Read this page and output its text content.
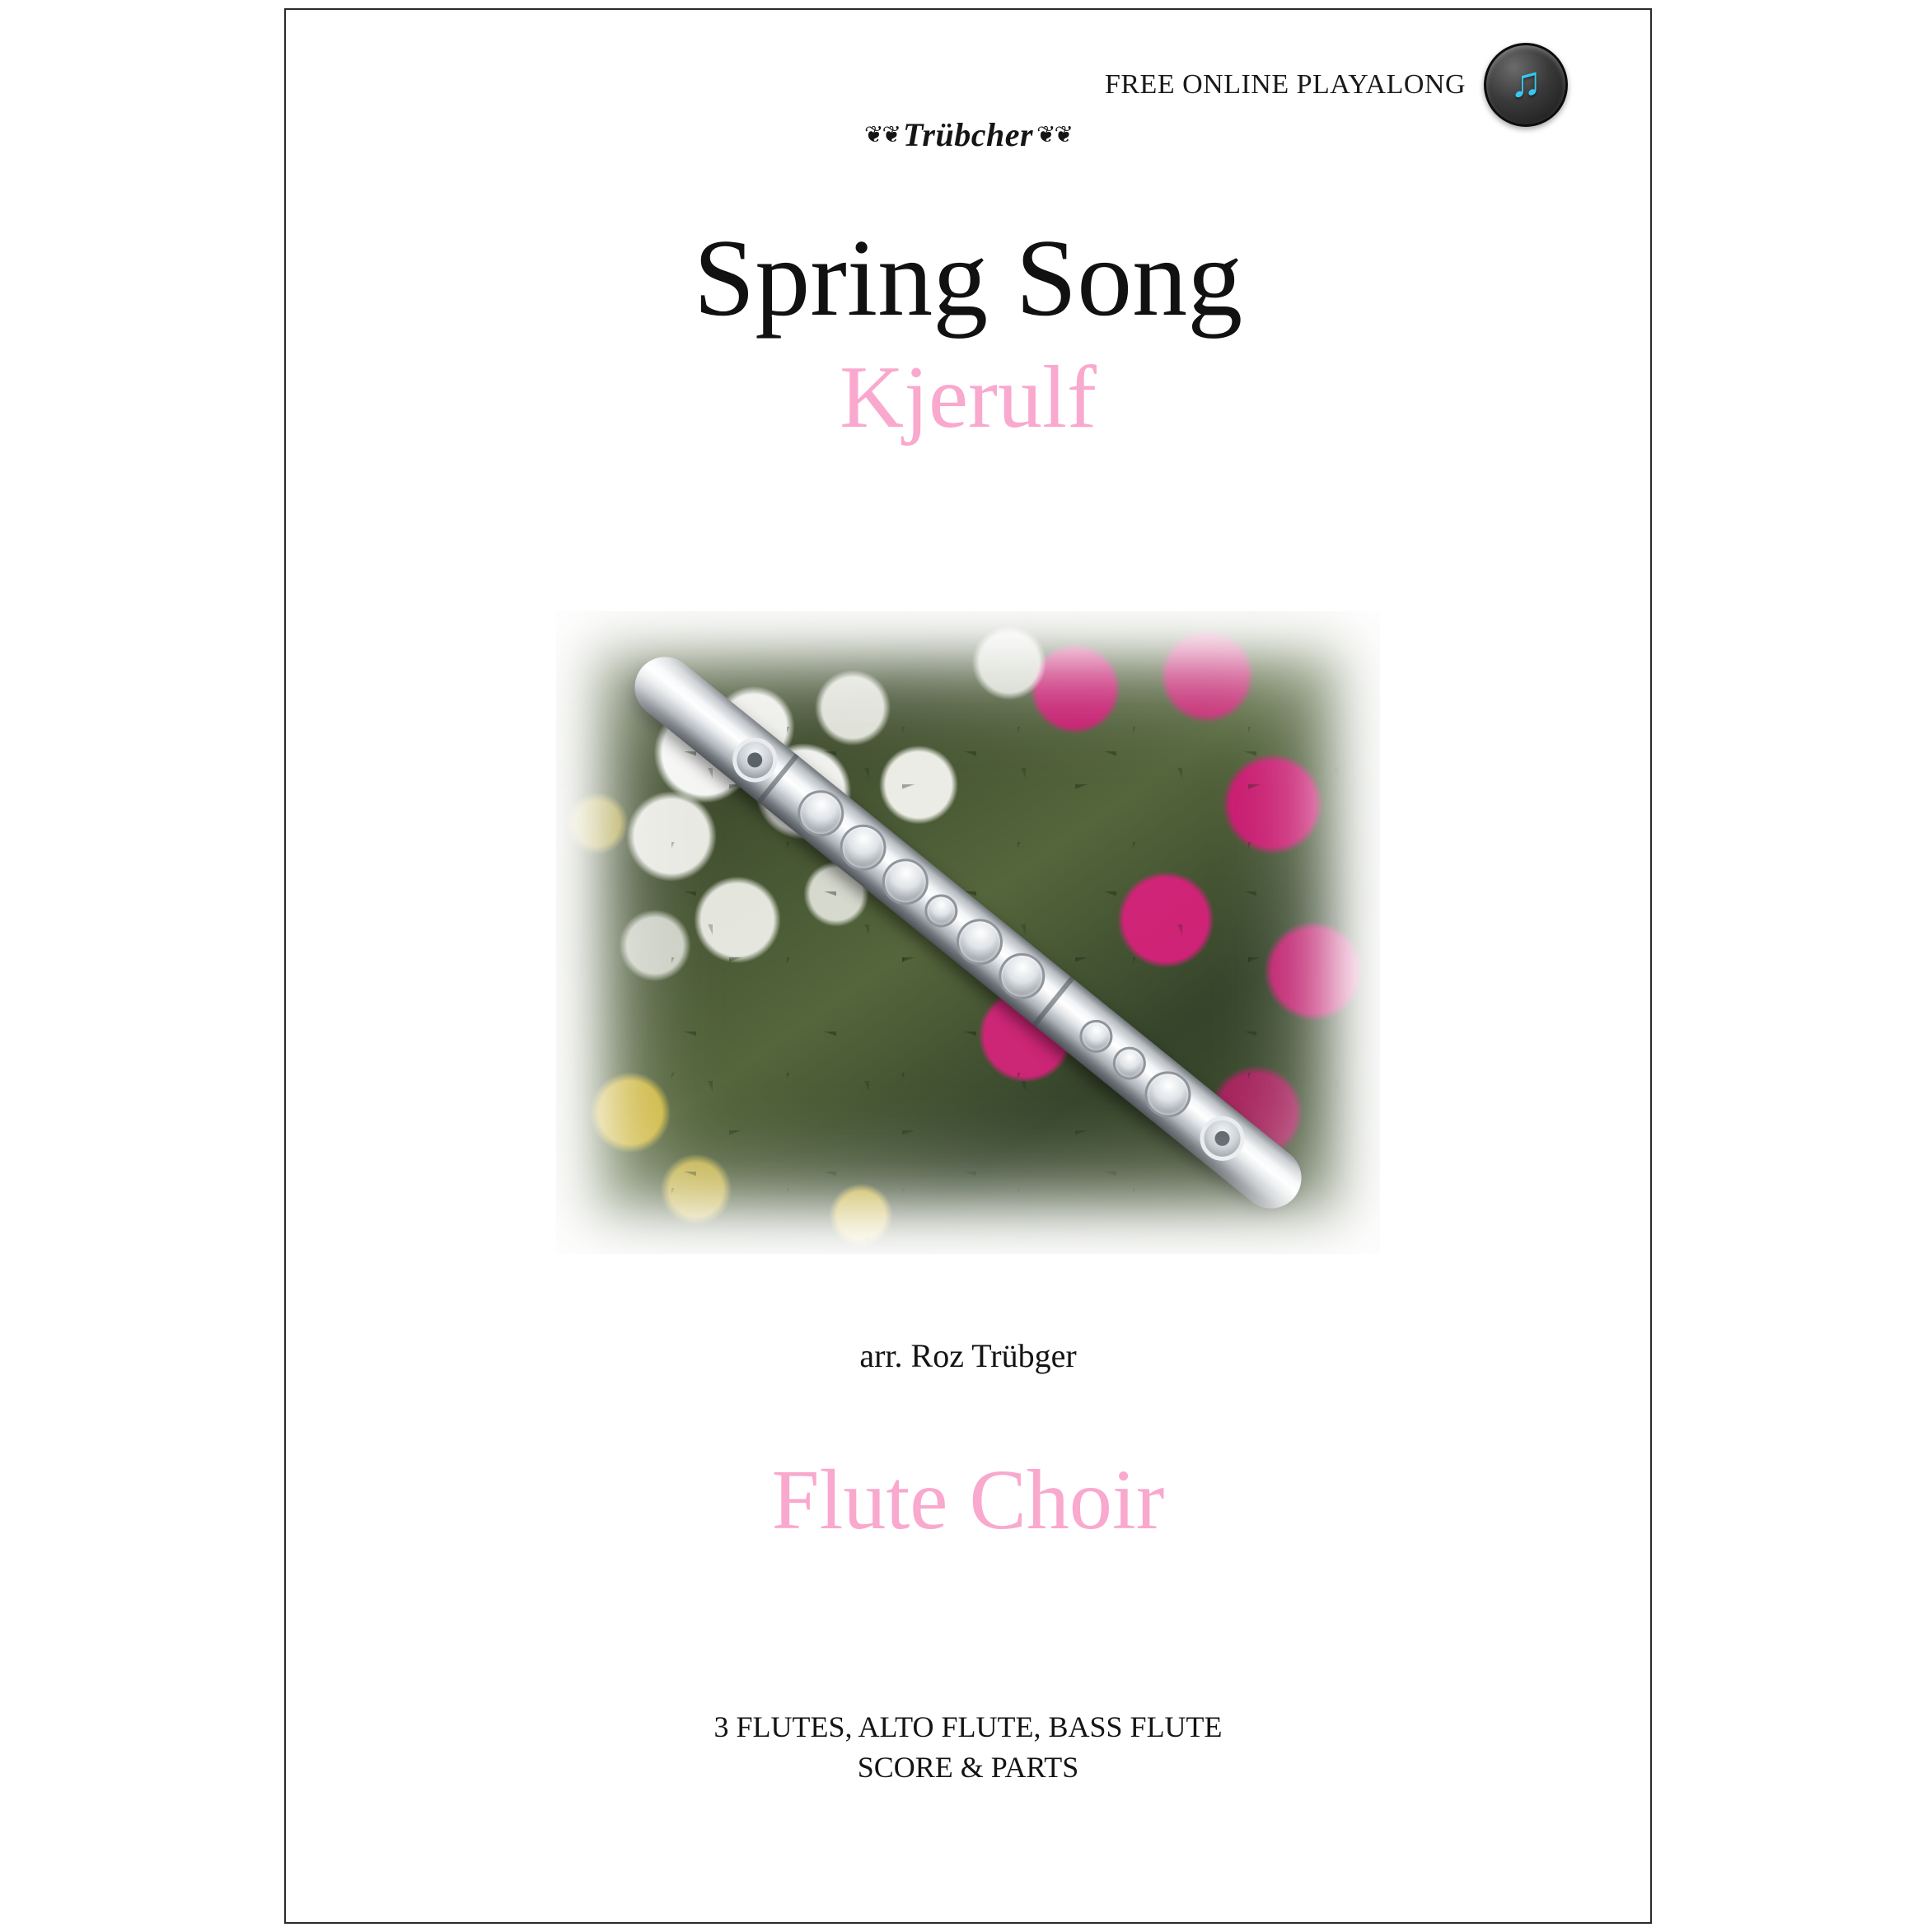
FREE ONLINE PLAYALONG ♫
❦❦ Trübcher ❦❦
Spring Song
Kjerulf
arr. Roz Trübger
Flute Choir
3 FLUTES, ALTO FLUTE, BASS FLUTE
SCORE & PARTS
